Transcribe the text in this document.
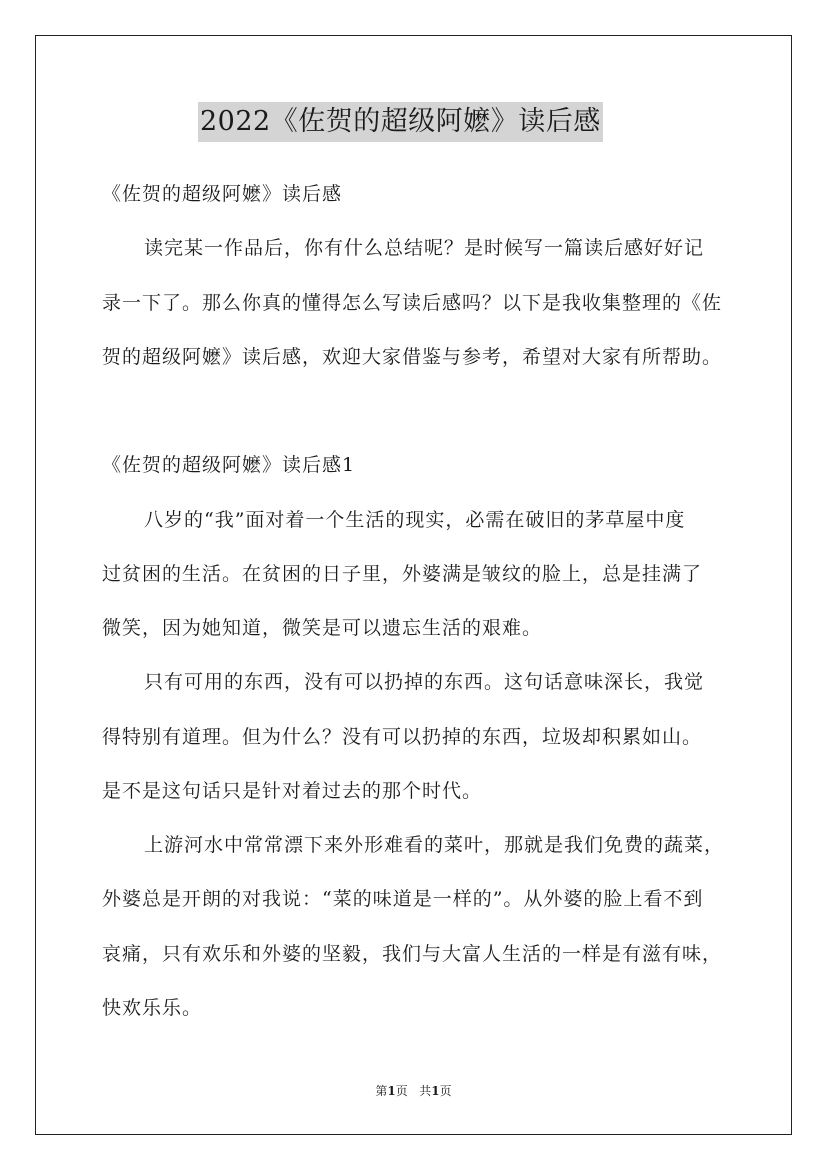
2022《佐贺的超级阿嬷》读后感
《佐贺的超级阿嬷》读后感
读完某一作品后，你有什么总结呢？是时候写一篇读后感好好记
录一下了。那么你真的懂得怎么写读后感吗？以下是我收集整理的《佐
贺的超级阿嬷》读后感，欢迎大家借鉴与参考，希望对大家有所帮助。
《佐贺的超级阿嬷》读后感1
八岁的“我”面对着一个生活的现实，必需在破旧的茅草屋中度
过贫困的生活。在贫困的日子里，外婆满是皱纹的脸上，总是挂满了
微笑，因为她知道，微笑是可以遗忘生活的艰难。
只有可用的东西，没有可以扔掉的东西。这句话意味深长，我觉
得特别有道理。但为什么？没有可以扔掉的东西，垃圾却积累如山。
是不是这句话只是针对着过去的那个时代。
上游河水中常常漂下来外形难看的菜叶，那就是我们免费的蔬菜，
外婆总是开朗的对我说：“菜的味道是一样的”。从外婆的脸上看不到
哀痛，只有欢乐和外婆的坚毅，我们与大富人生活的一样是有滋有味，
快欢乐乐。
第1页 共1页
